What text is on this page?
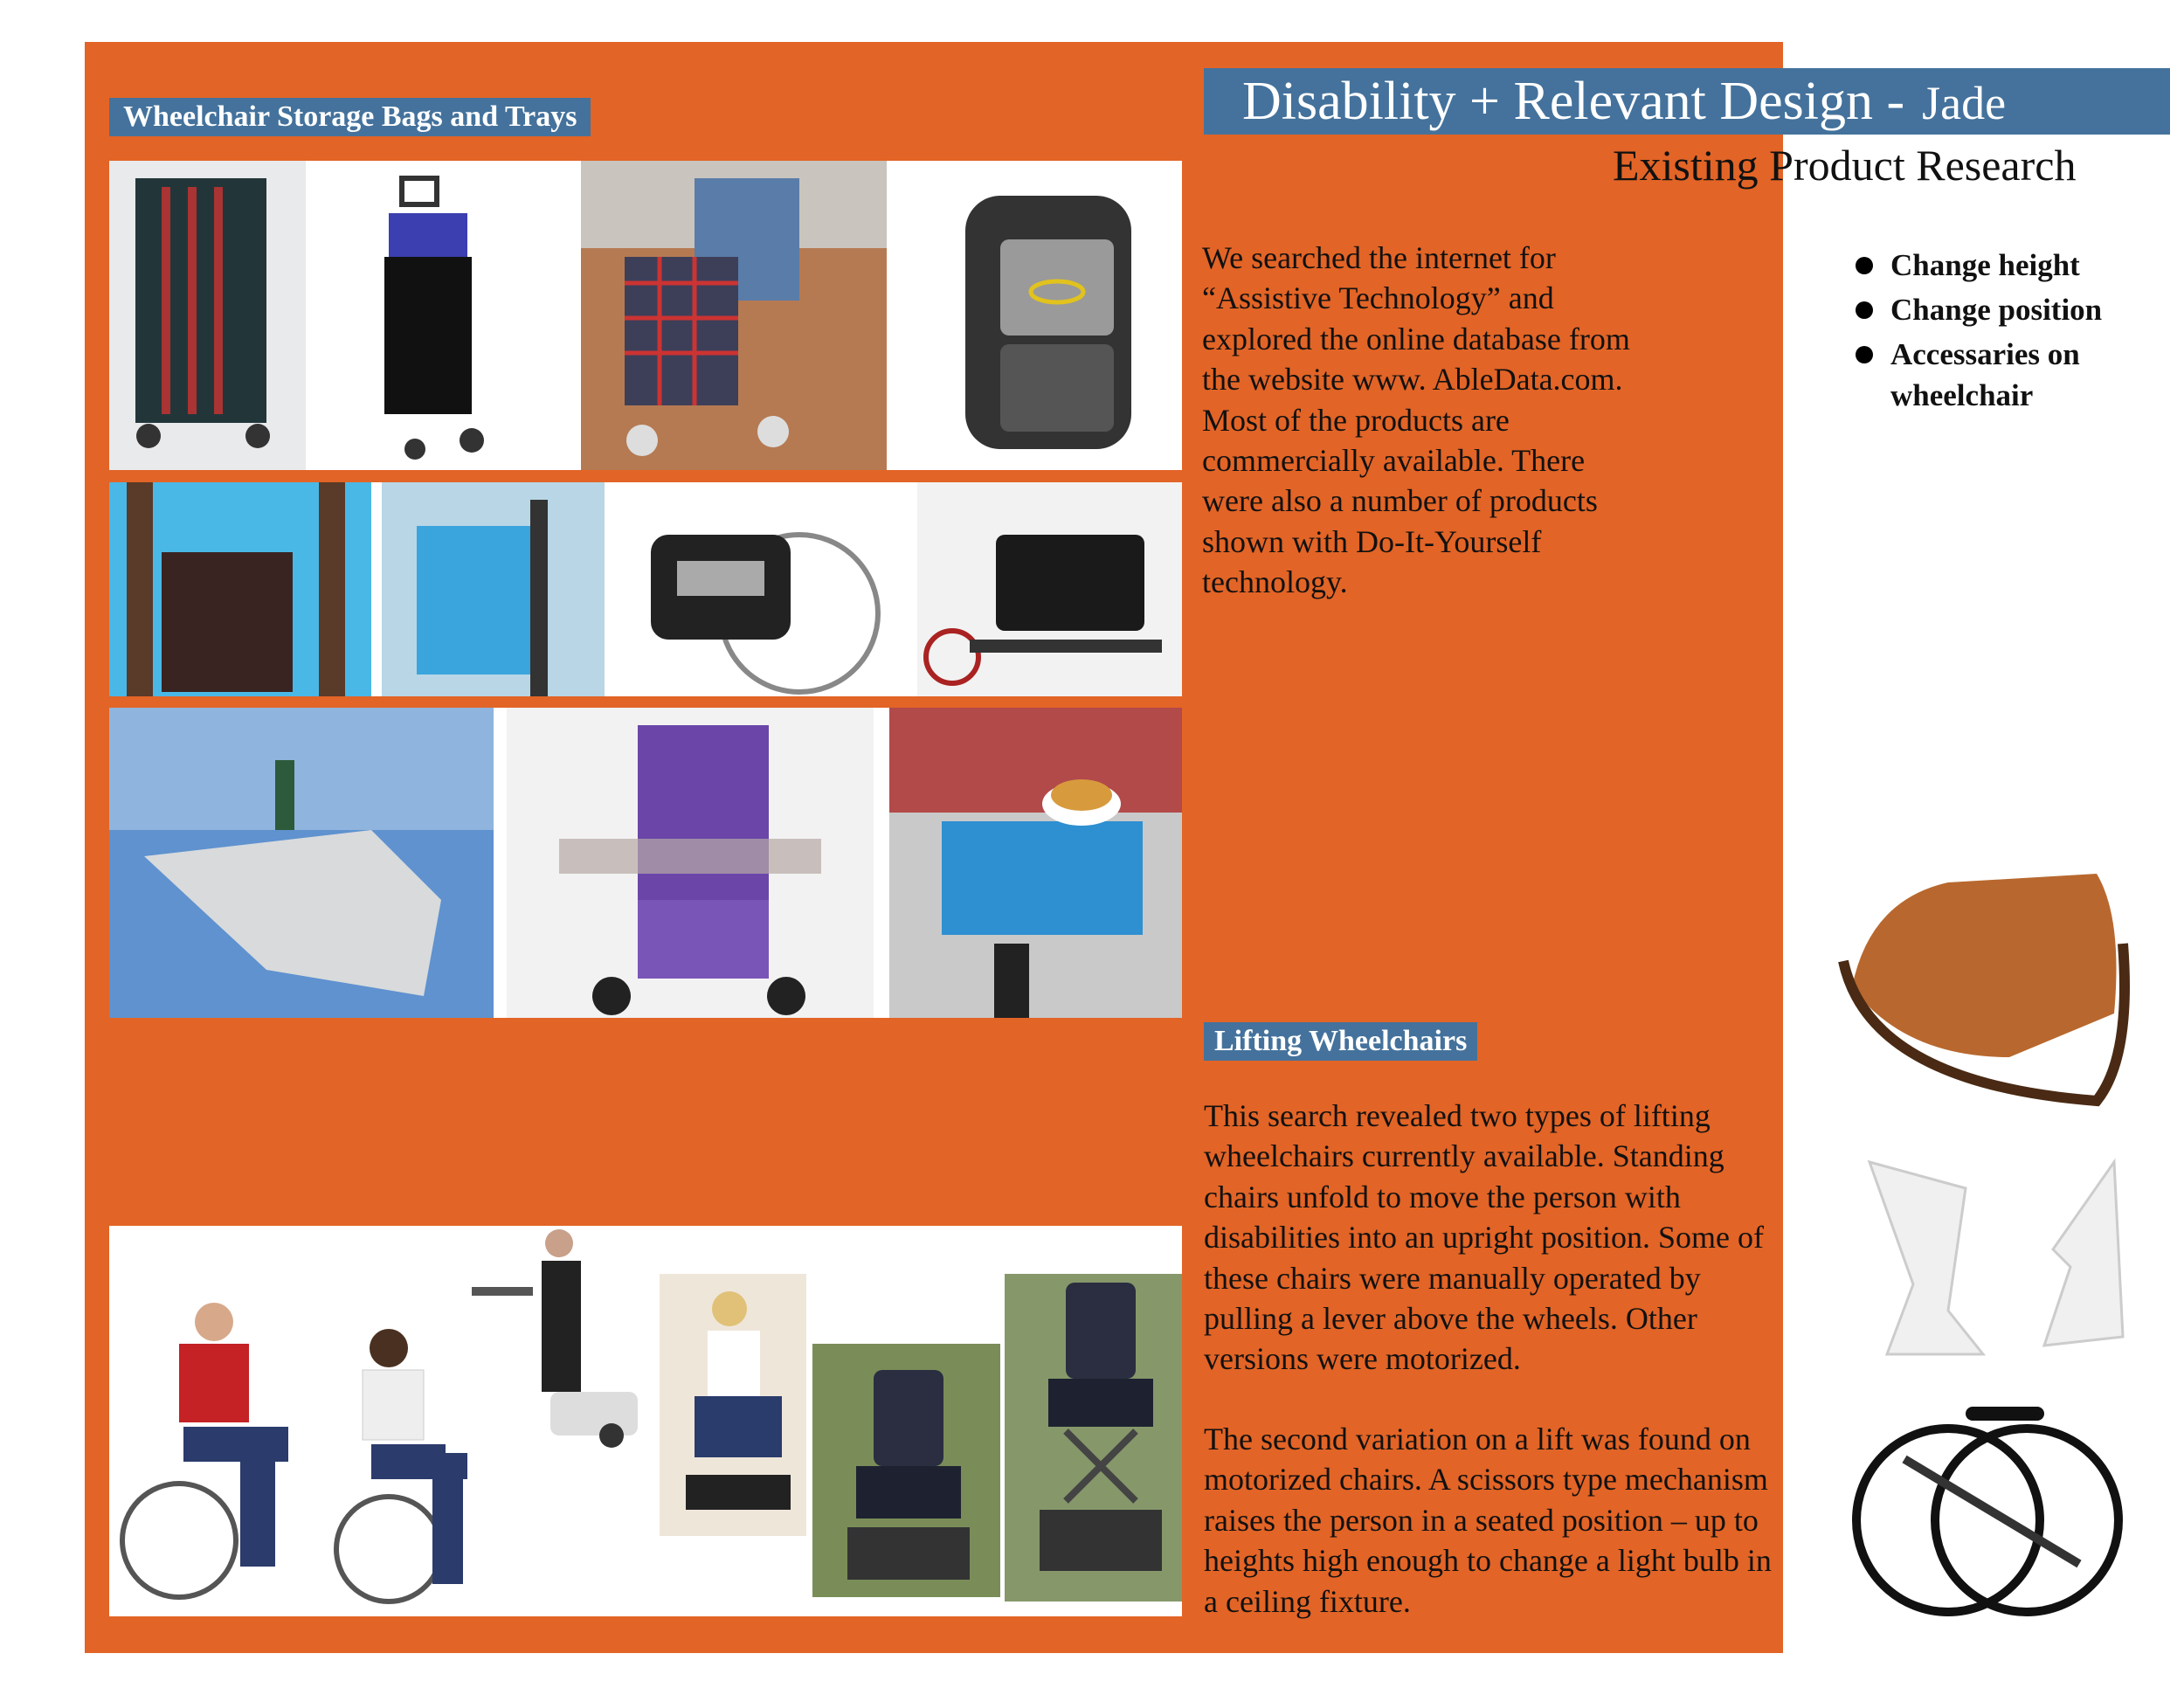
Disability + Relevant Design - Jade
Existing Product Research
Wheelchair Storage Bags and Trays
We searched the internet for “Assistive Technology” and explored the online database from the website www. AbleData.com. Most of the products are commercially available. There were also a number of products shown with Do-It-Yourself technology.
Change height
Change position
Accessaries on wheelchair
Lifting Wheelchairs
This search revealed two types of lifting wheelchairs currently available. Standing chairs unfold to move the person with disabilities into an upright position. Some of these chairs were manually operated by pulling a lever above the wheels. Other versions were motorized.
The second variation on a lift was found on motorized chairs. A scissors type mechanism raises the person in a seated position – up to heights high enough to change a light bulb in a ceiling fixture.
